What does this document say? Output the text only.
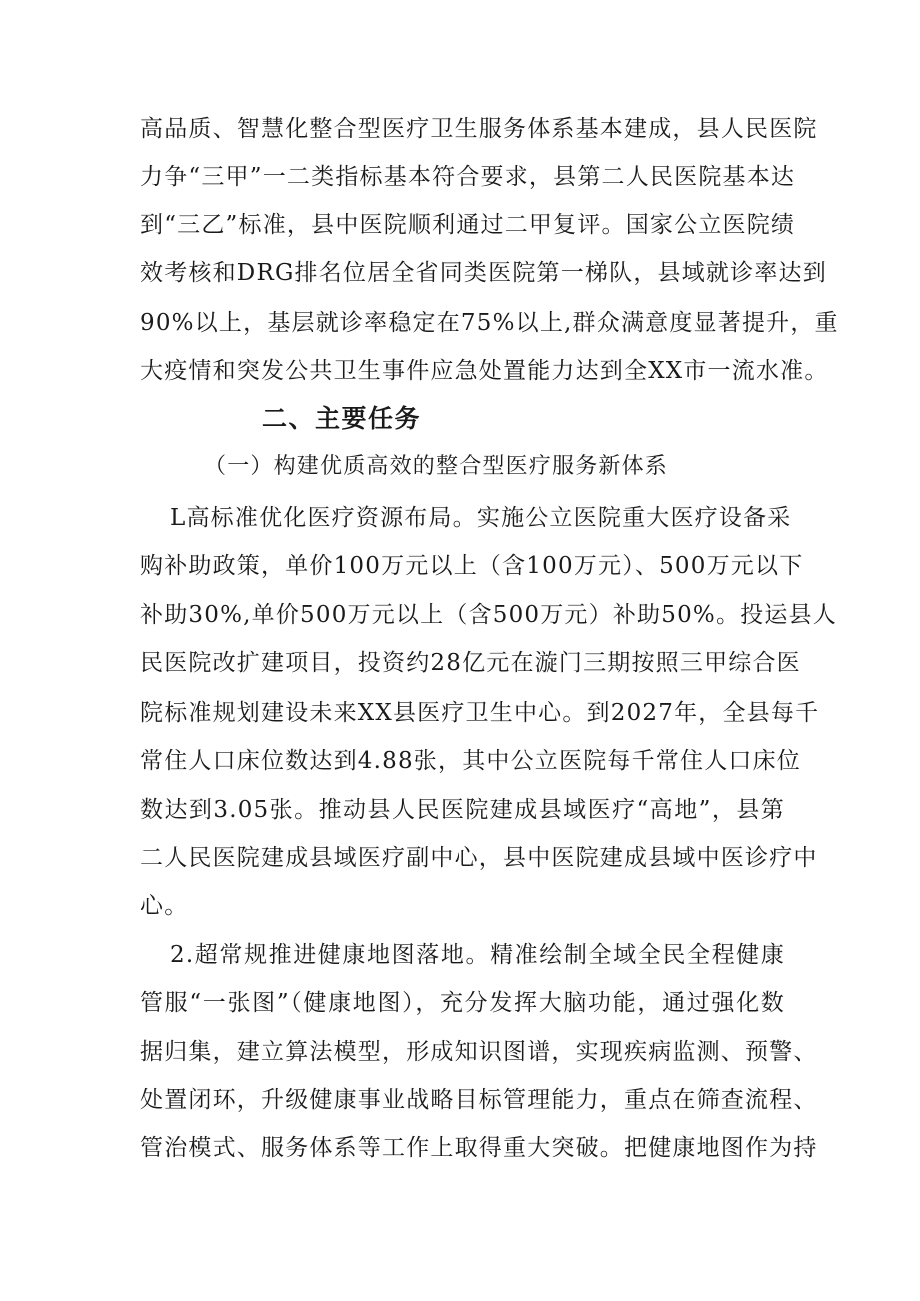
高品质、智慧化整合型医疗卫生服务体系基本建成，县人民医院
力争“三甲”一二类指标基本符合要求，县第二人民医院基本达
到“三乙”标准，县中医院顺利通过二甲复评。国家公立医院绩
效考核和DRG排名位居全省同类医院第一梯队，县域就诊率达到
90%以上，基层就诊率稳定在75%以上,群众满意度显著提升，重
大疫情和突发公共卫生事件应急处置能力达到全XX市一流水准。
二、主要任务
（一）构建优质高效的整合型医疗服务新体系
L高标准优化医疗资源布局。实施公立医院重大医疗设备采
购补助政策，单价100万元以上（含100万元）、500万元以下
补助30%,单价500万元以上（含500万元）补助50%。投运县人
民医院改扩建项目，投资约28亿元在漩门三期按照三甲综合医
院标准规划建设未来XX县医疗卫生中心。到2027年，全县每千
常住人口床位数达到4.88张，其中公立医院每千常住人口床位
数达到3.05张。推动县人民医院建成县域医疗“高地”，县第
二人民医院建成县域医疗副中心，县中医院建成县域中医诊疗中
心。
2.超常规推进健康地图落地。精准绘制全域全民全程健康
管服“一张图”（健康地图），充分发挥大脑功能，通过强化数
据归集，建立算法模型，形成知识图谱，实现疾病监测、预警、
处置闭环，升级健康事业战略目标管理能力，重点在筛查流程、
管治模式、服务体系等工作上取得重大突破。把健康地图作为持
